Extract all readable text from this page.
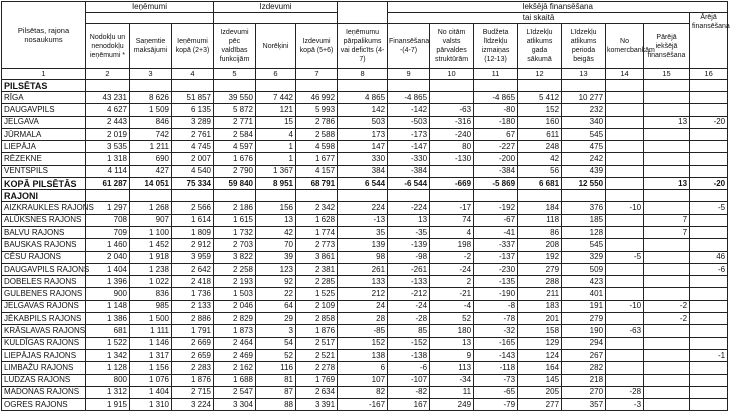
Pilsētas, rajona nosaukums	Ieņēmumi			Izdevumi				Iekšējā finansēšana							
								tai skaitā							Ārējā finansēšana
	Nodokļu un nenodokļu ieņēmumi *	Saņemtie maksājumi	Ieņēmumi kopā (2+3)	Izdevumi pēc valdības funkcijām	Norēķini	Izdevumi kopā (5+6)	Ieņēmumu pārpalikums vai deficīts (4-7)	Finansēšana -(4-7)	No citām valsts pārvaldes struktūrām	Budžeta līdzekļu izmaiņas (12-13)	Līdzekļu atlikums gada sākumā	Līdzekļu atlikums perioda beigās	No komercbankām	Pārējā iekšējā finansēšana	
1	2	3	4	5	6	7	8	9	10	11	12	13	14	15	16
PILSĒTAS															
RĪGA	43 231	8 626	51 857	39 550	7 442	46 992	4 865	-4 865		-4 865	5 412	10 277			
DAUGAVPILS	4 627	1 509	6 135	5 872	121	5 993	142	-142	-63	-80	152	232			
JELGAVA	2 443	846	3 289	2 771	15	2 786	503	-503	-316	-180	160	340		13	-20
JŪRMALA	2 019	742	2 761	2 584	4	2 588	173	-173	-240	67	611	545			
LIEPĀJA	3 535	1 211	4 745	4 597	1	4 598	147	-147	80	-227	248	475			
RĒZEKNE	1 318	690	2 007	1 676	1	1 677	330	-330	-130	-200	42	242			
VENTSPILS	4 114	427	4 540	2 790	1 367	4 157	384	-384		-384	56	439			
KOPĀ PILSĒTĀS	61 287	14 051	75 334	59 840	8 951	68 791	6 544	-6 544	-669	-5 869	6 681	12 550		13	-20
RAJONI															
AIZKRAUKLES RAJONS	1 297	1 268	2 566	2 186	156	2 342	224	-224	-17	-192	184	376	-10		-5
ALŪKSNES RAJONS	708	907	1 614	1 615	13	1 628	-13	13	74	-67	118	185		7	
BALVU RAJONS	709	1 100	1 809	1 732	42	1 774	35	-35	4	-41	86	128		7	
BAUSKAS RAJONS	1 460	1 452	2 912	2 703	70	2 773	139	-139	198	-337	208	545			
CĒSU RAJONS	2 040	1 918	3 959	3 822	39	3 861	98	-98	-2	-137	192	329	-5		46
DAUGAVPILS RAJONS	1 404	1 238	2 642	2 258	123	2 381	261	-261	-24	-230	279	509			-6
DOBELES RAJONS	1 396	1 022	2 418	2 193	92	2 285	133	-133	2	-135	288	423			
GULBENES RAJONS	900	836	1 736	1 503	22	1 525	212	-212	-21	-190	211	401			
JELGAVAS RAJONS	1 148	985	2 133	2 046	64	2 109	24	-24	-4	-8	183	191	-10	-2	
JĒKABPILS RAJONS	1 386	1 500	2 886	2 829	29	2 858	28	-28	52	-78	201	279		-2	
KRĀSLAVAS RAJONS	681	1 111	1 791	1 873	3	1 876	-85	85	180	-32	158	190	-63		
KULDĪGAS RAJONS	1 522	1 146	2 669	2 464	54	2 517	152	-152	13	-165	129	294			
LIEPĀJAS RAJONS	1 342	1 317	2 659	2 469	52	2 521	138	-138	9	-143	124	267			-1
LIMBAŽU RAJONS	1 128	1 156	2 283	2 162	116	2 278	6	-6	113	-118	164	282			
LUDZAS RAJONS	800	1 076	1 876	1 688	81	1 769	107	-107	-34	-73	145	218			
MADONAS RAJONS	1 312	1 404	2 715	2 547	87	2 634	82	-82	11	-65	205	270	-28		
OGRES RAJONS	1 915	1 310	3 224	3 304	88	3 391	-167	167	249	-79	277	357	-3		
